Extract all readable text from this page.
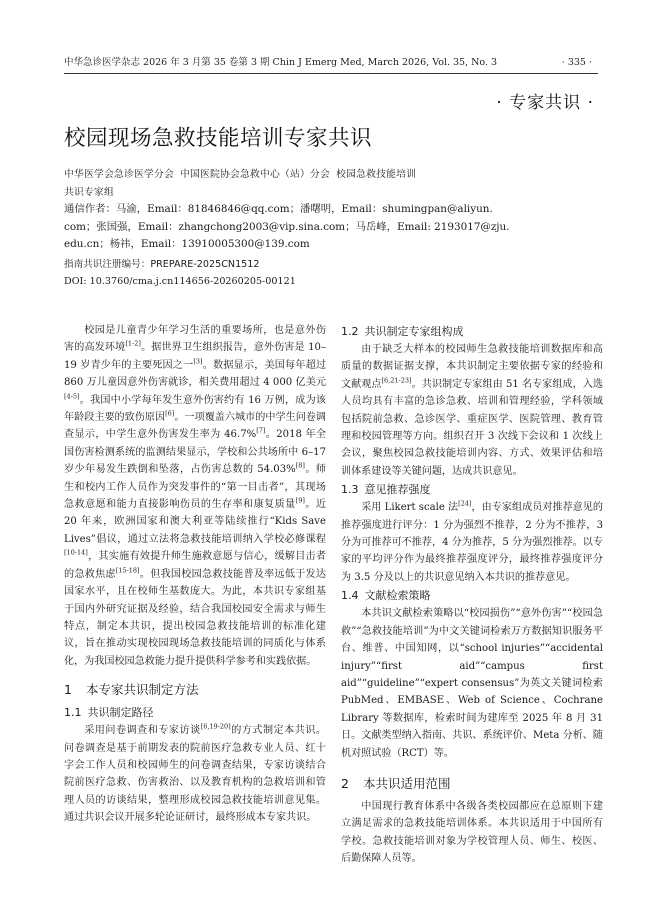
中华急诊医学杂志 2026 年 3 月第 35 卷第 3 期 Chin J Emerg Med, March 2026, Vol. 35, No. 3	· 335 ·
· 专家共识 ·
校园现场急救技能培训专家共识
中华医学会急诊医学分会 中国医院协会急救中心（站）分会 校园急救技能培训
共识专家组
通信作者：马渝，Email：81846846@qq.com；潘曙明，Email：shumingpan@aliyun.
com；张国强，Email：zhangchong2003@vip.sina.com；马岳峰，Email: 2193017@zju.
edu.cn；杨祎，Email：13910005300@139.com
指南共识注册编号：PREPARE-2025CN1512
DOI: 10.3760/cma.j.cn114656-20260205-00121

校园是儿童青少年学习生活的重要场所，也是意外伤害的高发环境[1-2]。据世界卫生组织报告，意外伤害是 10–19 岁青少年的主要死因之一[3]。数据显示，美国每年超过 860 万儿童因意外伤害就诊，相关费用超过 4 000 亿美元[4-5]。我国中小学每年发生意外伤害约有 16 万例，成为该年龄段主要的致伤原因[6]。一项覆盖六城市的中学生问卷调查显示，中学生意外伤害发生率为 46.7%[7]。2018 年全国伤害检测系统的监测结果显示，学校和公共场所中 6–17 岁少年易发生跌倒和坠落，占伤害总数的 54.03%[8]。师生和校内工作人员作为突发事件的“第一目击者”，其现场急救意愿和能力直接影响伤员的生存率和康复质量[9]。近 20 年来，欧洲国家和澳大利亚等陆续推行“Kids Save Lives”倡议，通过立法将急救技能培训纳入学校必修课程[10-14]，其实施有效提升师生施救意愿与信心，缓解目击者的急救焦虑[15-18]。但我国校园急救技能普及率远低于发达国家水平，且在校师生基数庞大。为此，本共识专家组基于国内外研究证据及经验，结合我国校园安全需求与师生特点，制定本共识，提出校园急救技能培训的标准化建议，旨在推动实现校园现场急救技能培训的同质化与体系化，为我国校园急救能力提升提供科学参考和实践依据。

1 本专家共识制定方法
1.1 共识制定路径

采用问卷调查和专家访谈[6,19-20]的方式制定本共识。问卷调查是基于前期发表的院前医疗急救专业人员、红十字会工作人员和校园师生的问卷调查结果，专家访谈结合院前医疗急救、伤害救治、以及教育机构的急救培训和管理人员的访谈结果，整理形成校园急救技能培训意见集。通过共识会议开展多轮论证研讨，最终形成本专家共识。

1.2 共识制定专家组构成

由于缺乏大样本的校园师生急救技能培训数据库和高质量的数据证据支撑，本共识制定主要依据专家的经验和文献观点[6,21-23]。共识制定专家组由 51 名专家组成，入选人员均具有丰富的急诊急救、培训和管理经验，学科领域包括院前急救、急诊医学、重症医学、医院管理、教育管理和校园管理等方向。组织召开 3 次线下会议和 1 次线上会议，聚焦校园急救技能培训内容、方式、效果评估和培训体系建设等关键问题，达成共识意见。

1.3 意见推荐强度

采用 Likert scale 法[24]，由专家组成员对推荐意见的推荐强度进行评分：1 分为强烈不推荐，2 分为不推荐，3 分为可推荐可不推荐，4 分为推荐，5 分为强烈推荐。以专家的平均评分作为最终推荐强度评分，最终推荐强度评分为 3.5 分及以上的共识意见纳入本共识的推荐意见。

1.4 文献检索策略

本共识文献检索策略以“校园损伤”“意外伤害”“校园急救”“急救技能培训”为中文关键词检索万方数据知识服务平台、维普、中国知网，以“school injuries”“accidental injury”“first aid”“campus first aid”“guideline”“expert consensus”为英文关键词检索 PubMed、EMBASE、Web of Science、Cochrane Library 等数据库，检索时间为建库至 2025 年 8 月 31 日。文献类型纳入指南、共识、系统评价、Meta 分析、随机对照试验（RCT）等。

2 本共识适用范围

中国现行教育体系中各级各类校园都应在总原则下建立满足需求的急救技能培训体系。本共识适用于中国所有学校。急救技能培训对象为学校管理人员、师生、校医、后勤保障人员等。
